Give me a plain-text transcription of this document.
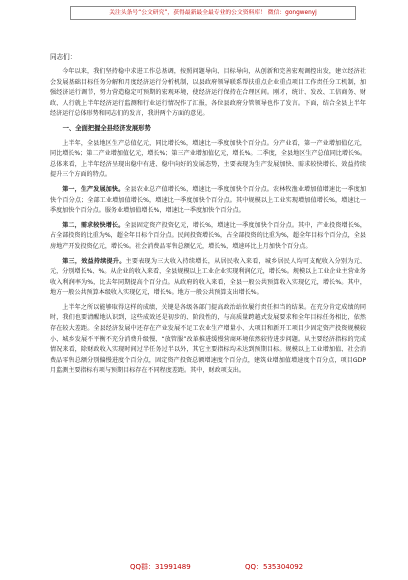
关注头条号“公文研究”，获得最新最全最专业的公文资料库！ 微信：gongwenyj

同志们：

今年以来，我们坚持稳中求进工作总基调，按照问题导向、目标导向，从创新和完善宏观调控出发，建立经济社会发展基础目标任务分解和月度经济运行分析机制，以县政府领导联系帮扶重点企业重点项目工作责任分工机制，加强经济运行调节，努力营造稳定可预期的宏观环境，使经济运行保持在合理区间。刚才，统计、发改、工信商务、财政、人行就上半年经济运行监测和行业运行情况作了汇报，各位县政府分管领导也作了发言。下面，结合全县上半年经济运行总体形势和同志们的发言，我讲两个方面的意见。

一、全面把握全县经济发展形势

上半年，全县地区生产总值亿元，同比增长%，增速比一季度加快个百分点。分产业看，第一产业增加值亿元，同比增长%；第二产业增加值亿元，增长%；第三产业增加值亿元，增长%。二季度，全县地区生产总值同比增长%。总体来看，上半年经济呈现出稳中有进、稳中向好的发展态势，主要表现为生产发展加快、需求较快增长、效益持续提升三个方面的特点。

第一，生产发展加快。全县农业总产值增长%，增速比一季度加快个百分点。农林牧渔业增加值增速比一季度加快个百分点；全部工业增加值增长%，增速比一季度加快个百分点。其中规模以上工业实现增加值增长%，增速比一季度加快个百分点。服务业增加值增长%，增速比一季度加快个百分点。

第二，需求较快增长。全县固定资产投资亿元，增长%，增速比一季度加快个百分点。其中，产业投资增长%，占全部投资的比重为%，超全年目标个百分点。民间投资增长%，占全部投资的比重为%，超全年目标个百分点，全县房地产开发投资亿元，增长%。社会消费品零售总额亿元，增长%，增速环比上月加快个百分点。

第三，效益持续提升。主要表现为三大收入持续增长，从居民收入来看，城乡居民人均可支配收入分别为元、元，分别增长%、%。从企业的收入来看，全县规模以上工业企业实现利润亿元，增长%。规模以上工业企业主营业务收入利润率为%，比去年同期提高个百分点。从政府的收入来看，全县一般公共预算收入实现亿元，增长%。其中，地方一般公共预算本级收入实现亿元，增长%。地方一般公共预算支出增长%。

上半年之所以能够取得这样的成绩，关键是各级各部门提高政治站位履行责任担当的结果。在充分肯定成绩的同时，我们也要清醒地认识到，这些成效还是初步的、阶段性的，与高质量跨越式发展要求和全年目标任务相比，依然存在较大差距。全县经济发展中还存在产业发展不足工农业生产增量小、大项目和新开工项目少固定资产投资规模较小、城乡发展不平衡不充分消费升级慢、“放管服”改革推进缓慢营商环境依然较待进步问题。从主要经济指标的完成情况来看，除财政收入实现时间过半任务过半以外，其它主要指标均未达到预期目标。规模以上工业增加值、社会消费品零售总额分别偏慢进度个百分点，固定资产投资总额增速度个百分点，建筑业增加值增速度个百分点，项目GDP月监测主要指标有项与预期目标存在不同程度差距。其中，财政项支出。

QQ群：31991489	QQ：535304092
